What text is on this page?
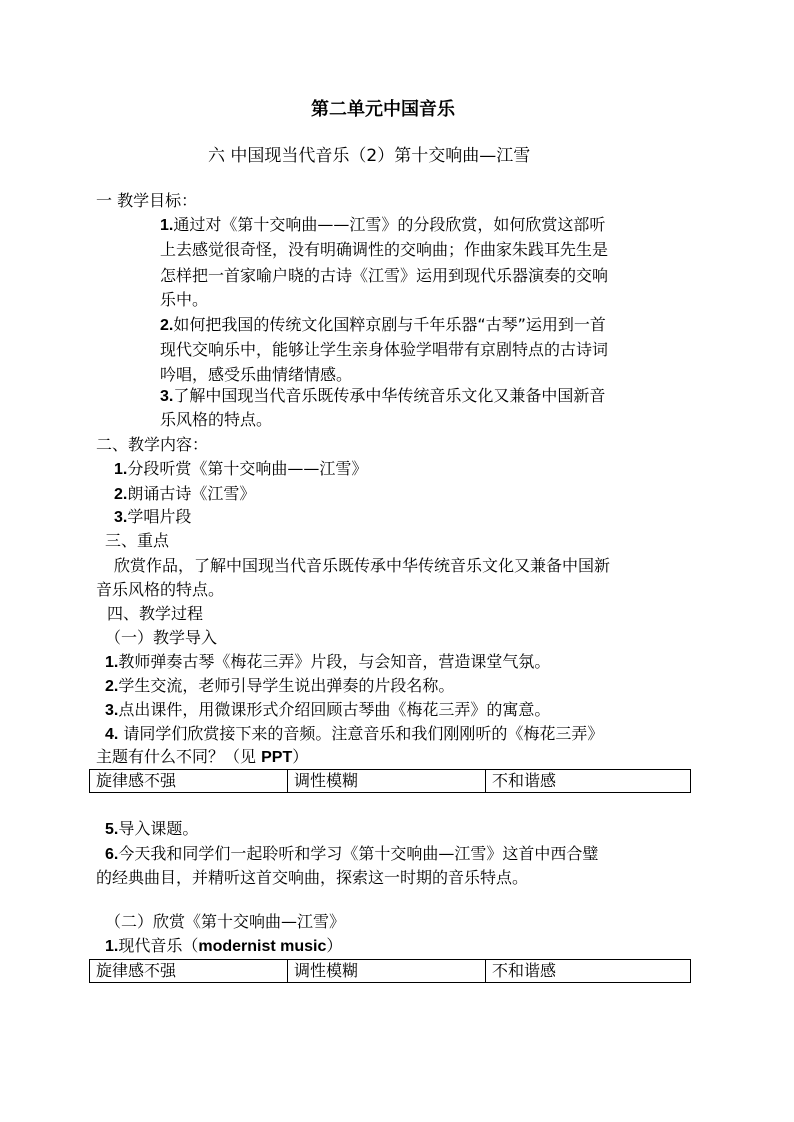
第二单元中国音乐
六 中国现当代音乐（2）第十交响曲—江雪
一 教学目标：
1.通过对《第十交响曲——江雪》的分段欣赏，如何欣赏这部听
上去感觉很奇怪，没有明确调性的交响曲；作曲家朱践耳先生是
怎样把一首家喻户晓的古诗《江雪》运用到现代乐器演奏的交响
乐中。
2.如何把我国的传统文化国粹京剧与千年乐器“古琴”运用到一首
现代交响乐中，能够让学生亲身体验学唱带有京剧特点的古诗词
吟唱，感受乐曲情绪情感。
3.了解中国现当代音乐既传承中华传统音乐文化又兼备中国新音
乐风格的特点。
二、教学内容：
1.分段听赏《第十交响曲——江雪》
2.朗诵古诗《江雪》
3.学唱片段
三、重点
欣赏作品，了解中国现当代音乐既传承中华传统音乐文化又兼备中国新
音乐风格的特点。
四、教学过程
（一）教学导入
1.教师弹奏古琴《梅花三弄》片段，与会知音，营造课堂气氛。
2.学生交流，老师引导学生说出弹奏的片段名称。
3.点出课件，用微课形式介绍回顾古琴曲《梅花三弄》的寓意。
4. 请同学们欣赏接下来的音频。注意音乐和我们刚刚听的《梅花三弄》
主题有什么不同？（见 PPT）
旋律感不强	调性模糊	不和谐感
5.导入课题。
6.今天我和同学们一起聆听和学习《第十交响曲—江雪》这首中西合璧
的经典曲目，并精听这首交响曲，探索这一时期的音乐特点。
（二）欣赏《第十交响曲—江雪》
1.现代音乐（modernist music）
旋律感不强	调性模糊	不和谐感
